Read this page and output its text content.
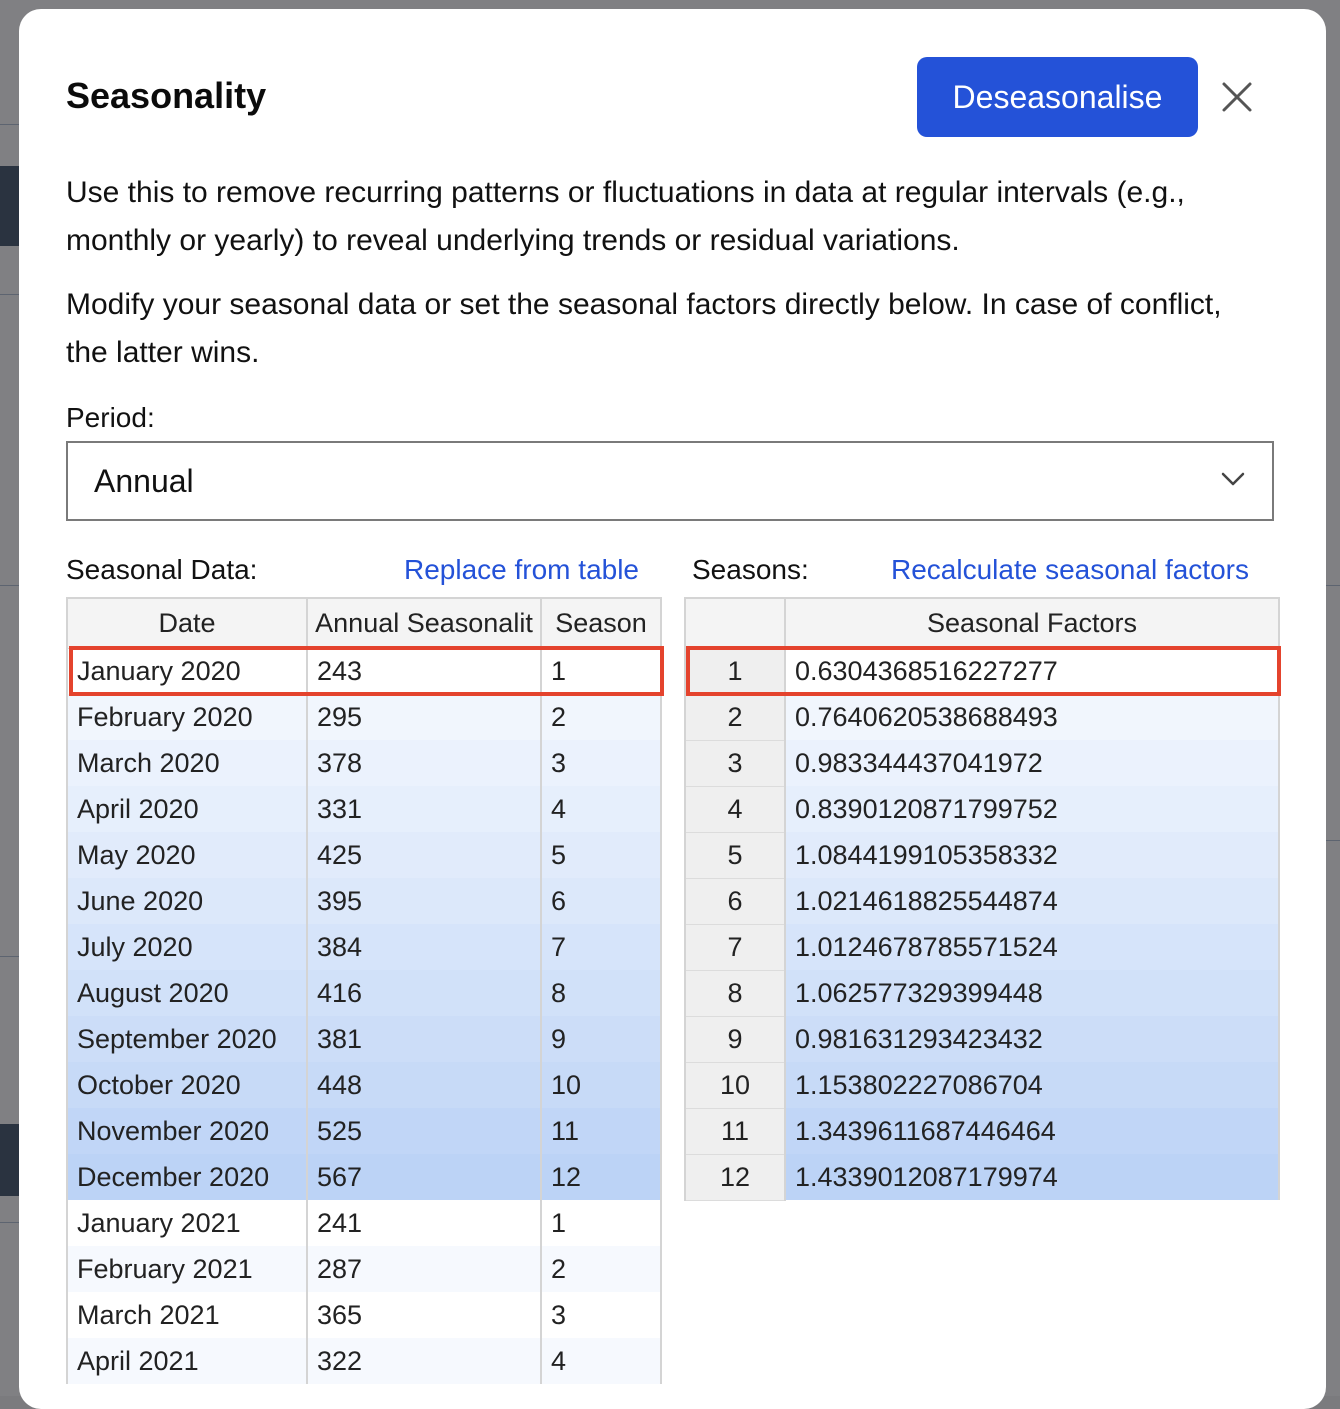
Seasonality	Deseasonalise

Use this to remove recurring patterns or fluctuations in data at regular intervals (e.g., monthly or yearly) to reveal underlying trends or residual variations.

Modify your seasonal data or set the seasonal factors directly below. In case of conflict, the latter wins.

Period:
Annual
Seasonal Data:	Replace from table Seasons:	Recalculate seasonal factors
Date	Annual Seasonalit	Season
January 2020	243	1
February 2020	295	2
March 2020	378	3
April 2020	331	4
May 2020	425	5
June 2020	395	6
July 2020	384	7
August 2020	416	8
September 2020	381	9
October 2020	448	10
November 2020	525	11
December 2020	567	12
January 2021	241	1
February 2021	287	2
March 2021	365	3
April 2021	322	4
	Seasonal Factors
1	0.6304368516227277
2	0.7640620538688493
3	0.983344437041972
4	0.8390120871799752
5	1.0844199105358332
6	1.0214618825544874
7	1.0124678785571524
8	1.062577329399448
9	0.981631293423432
10	1.153802227086704
11	1.3439611687446464
12	1.4339012087179974
